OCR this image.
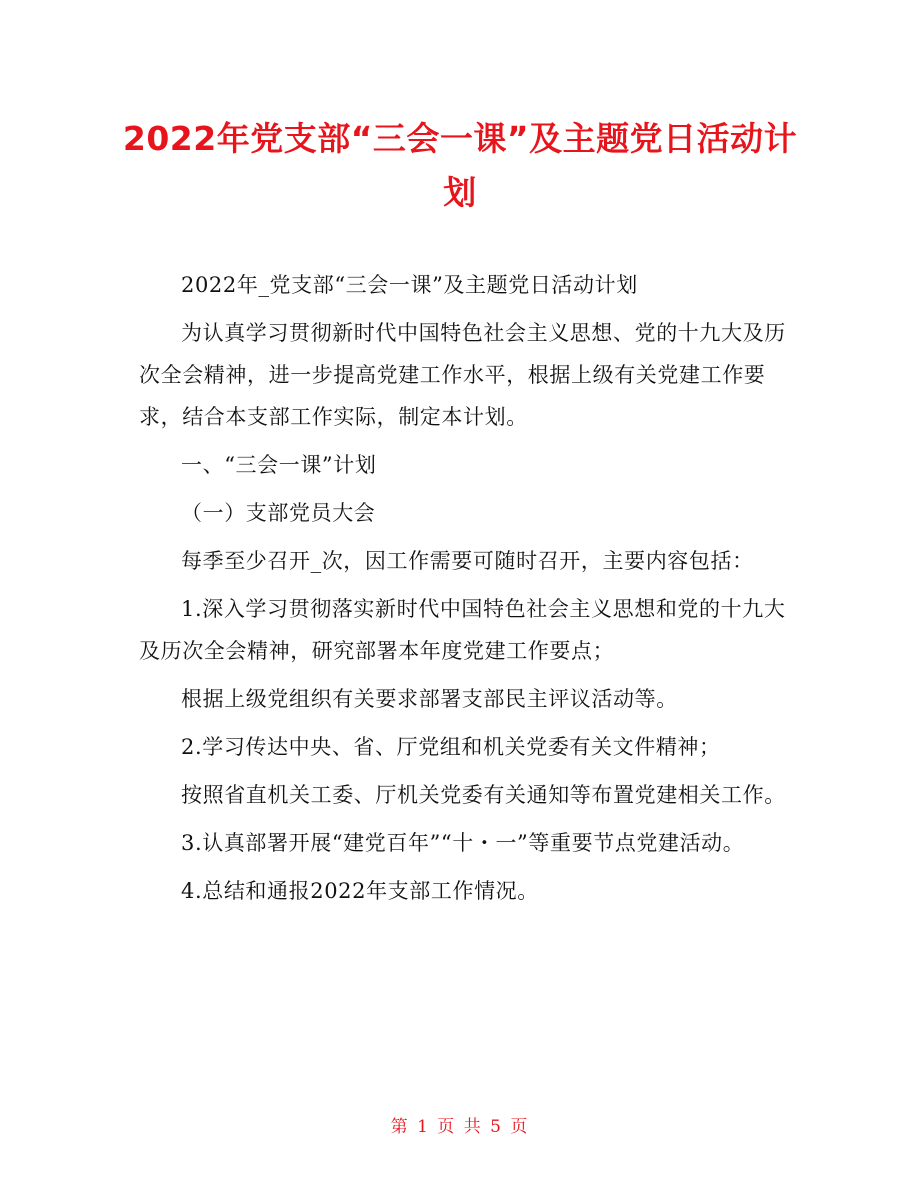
2022年党支部“三会一课”及主题党日活动计划

2022年_党支部“三会一课”及主题党日活动计划

为认真学习贯彻新时代中国特色社会主义思想、党的十九大及历次全会精神，进一步提高党建工作水平，根据上级有关党建工作要求，结合本支部工作实际，制定本计划。

一、“三会一课”计划

（一）支部党员大会

每季至少召开_次，因工作需要可随时召开，主要内容包括：

1.深入学习贯彻落实新时代中国特色社会主义思想和党的十九大及历次全会精神，研究部署本年度党建工作要点；

根据上级党组织有关要求部署支部民主评议活动等。

2.学习传达中央、省、厅党组和机关党委有关文件精神；

按照省直机关工委、厅机关党委有关通知等布置党建相关工作。

3.认真部署开展“建党百年”“十・一”等重要节点党建活动。

4.总结和通报2022年支部工作情况。

第 1 页 共 5 页
